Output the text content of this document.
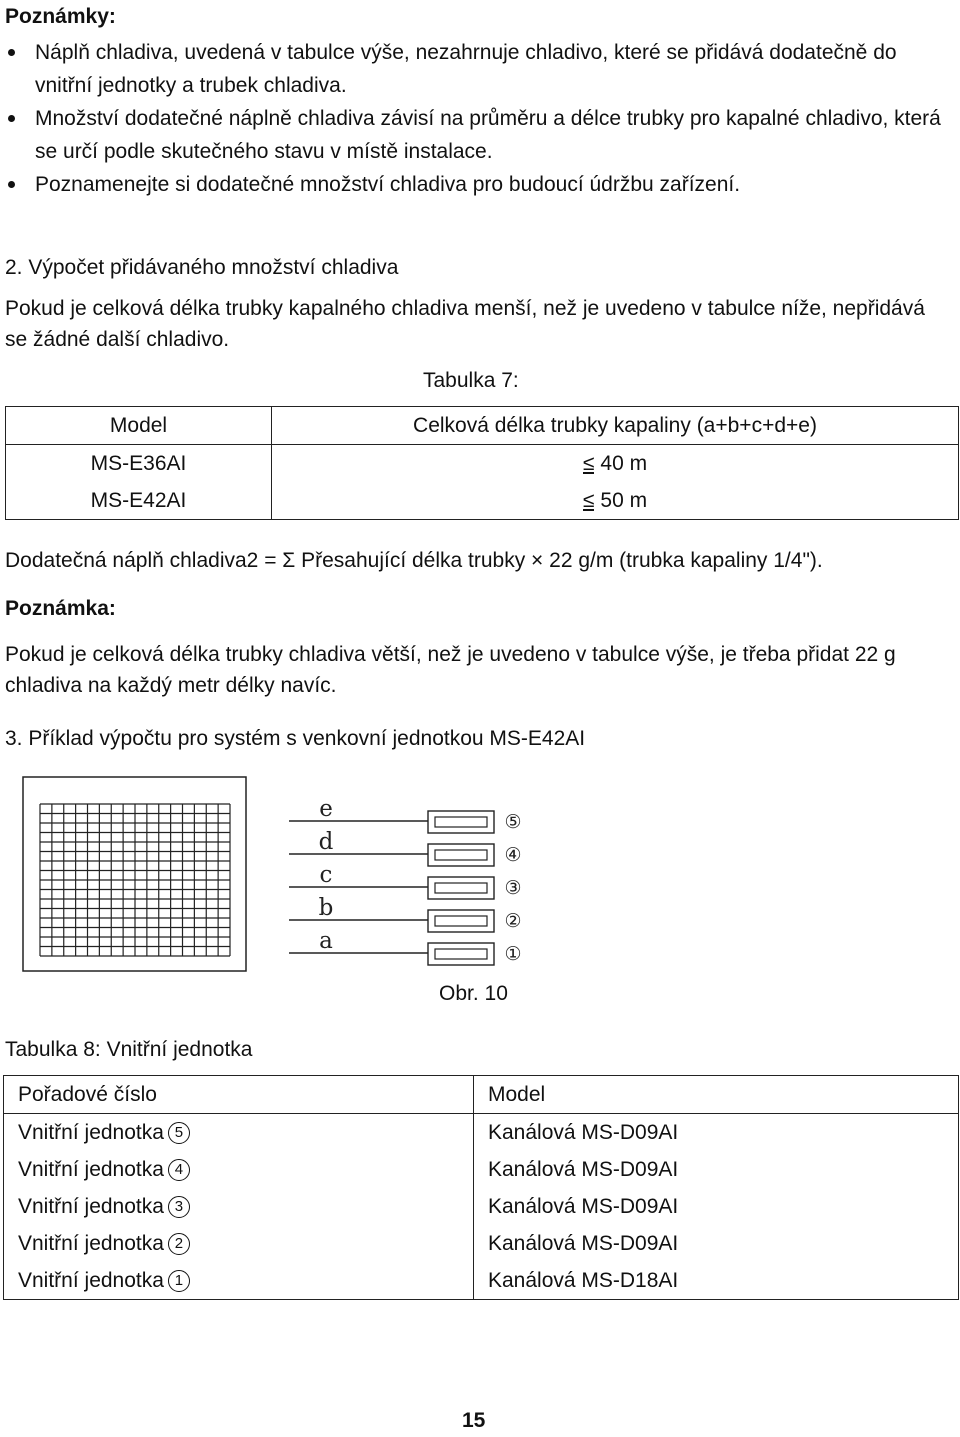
Poznámky:
Náplň chladiva, uvedená v tabulce výše, nezahrnuje chladivo, které se přidává dodatečně do vnitřní jednotky a trubek chladiva.
Množství dodatečné náplně chladiva závisí na průměru a délce trubky pro kapalné chladivo, která se určí podle skutečného stavu v místě instalace.
Poznamenejte si dodatečné množství chladiva pro budoucí údržbu zařízení.
2. Výpočet přidávaného množství chladiva
Pokud je celková délka trubky kapalného chladiva menší, než je uvedeno v tabulce níže, nepřidává se žádné další chladivo.
Tabulka 7:
Model	Celková délka trubky kapaliny (a+b+c+d+e)
MS-E36AI	≤ 40 m
MS-E42AI	≤ 50 m
Dodatečná náplň chladiva2 = Σ Přesahující délka trubky × 22 g/m (trubka kapaliny 1/4").
Poznámka:
Pokud je celková délka trubky chladiva větší, než je uvedeno v tabulce výše, je třeba přidat 22 g chladiva na každý metr délky navíc.
3. Příklad výpočtu pro systém s venkovní jednotkou MS-E42AI
e
d
c
b
a
⑤
④
③
②
①
Obr. 10
Tabulka 8: Vnitřní jednotka
Pořadové číslo	Model
Vnitřní jednotka 5	Kanálová MS-D09AI
Vnitřní jednotka 4	Kanálová MS-D09AI
Vnitřní jednotka 3	Kanálová MS-D09AI
Vnitřní jednotka 2	Kanálová MS-D09AI
Vnitřní jednotka 1	Kanálová MS-D18AI
15
